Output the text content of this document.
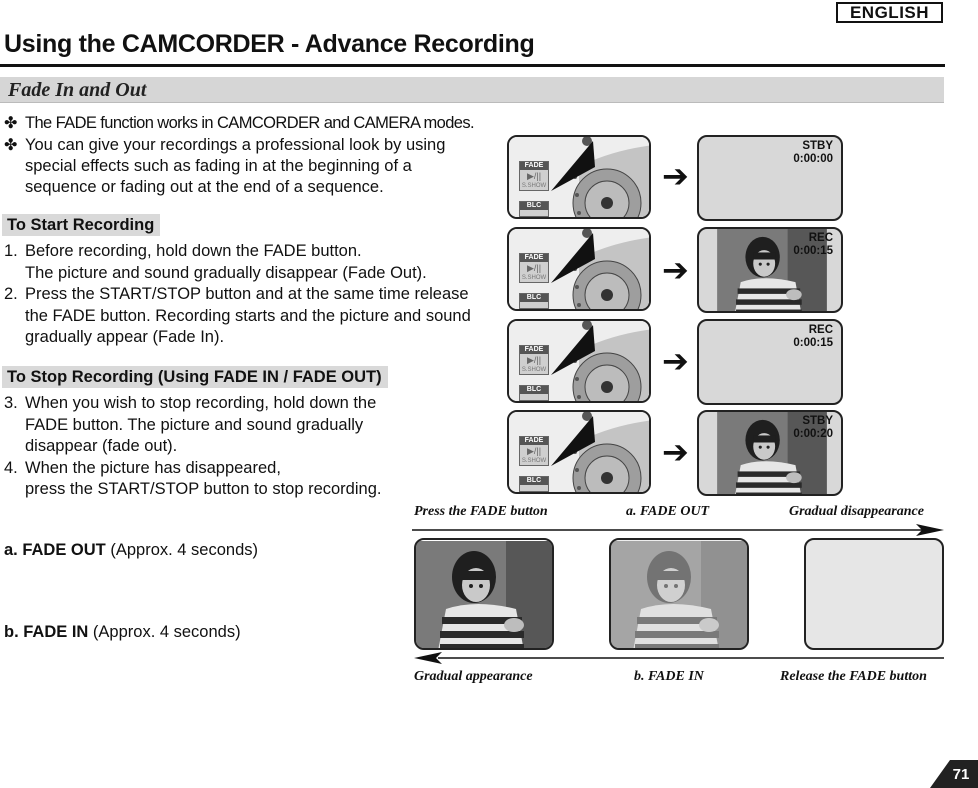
ENGLISH
Using the CAMCORDER - Advance Recording
Fade In and Out
✤ The FADE function works in CAMCORDER and CAMERA modes.
✤ You can give your recordings a professional look by using special effects such as fading in at the beginning of a sequence or fading out at the end of a sequence.
To Start Recording
1. Before recording, hold down the FADE button.
The picture and sound gradually disappear (Fade Out).
2. Press the START/STOP button and at the same time release the FADE button. Recording starts and the picture and sound gradually appear (Fade In).
To Stop Recording (Using FADE IN / FADE OUT)
3. When you wish to stop recording, hold down the FADE button. The picture and sound gradually disappear (fade out).
4. When the picture has disappeared,
press the START/STOP button to stop recording.
a. FADE OUT (Approx. 4 seconds)
b. FADE IN (Approx. 4 seconds)
FADE
▶/||
S.SHOW
BLC
FADE
▶/||
S.SHOW
BLC
FADE
▶/||
S.SHOW
BLC
FADE
▶/||
S.SHOW
BLC
➔
➔
➔
➔
STBY
0:00:00
REC
0:00:15
REC
0:00:15
STBY
0:00:20
Press the FADE button	a. FADE OUT	Gradual disappearance
Gradual appearance	b. FADE IN	Release the FADE button
71
